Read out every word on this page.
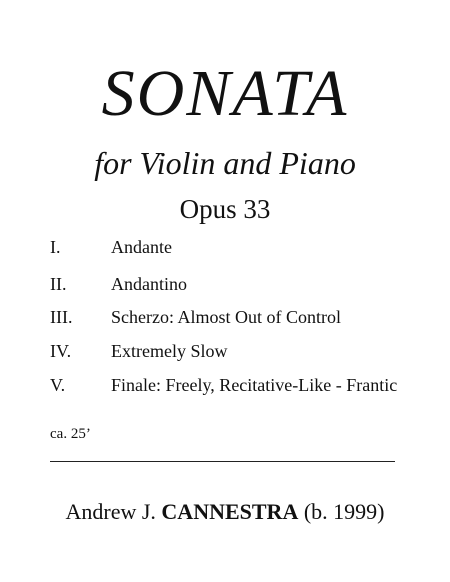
SONATA
for Violin and Piano
Opus 33
I.	Andante
II. Andantino
III. Scherzo: Almost Out of Control
IV. Extremely Slow
V.	Finale: Freely, Recitative-Like - Frantic
ca. 25’
Andrew J. CANNESTRA (b. 1999)
